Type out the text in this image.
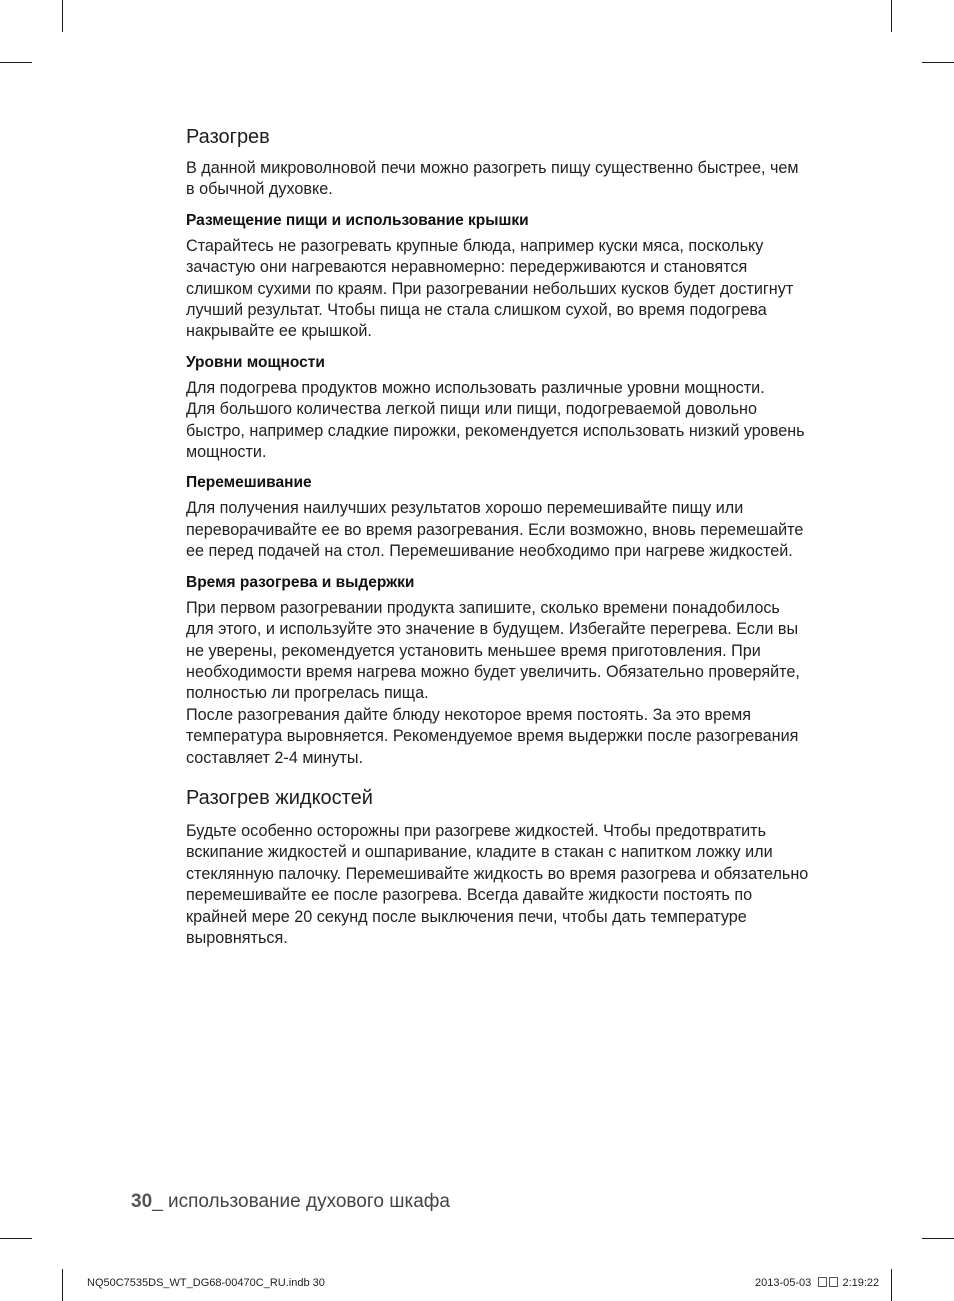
Разогрев

В данной микроволновой печи можно разогреть пищу существенно быстрее, чем в обычной духовке.

Размещение пищи и использование крышки

Старайтесь не разогревать крупные блюда, например куски мяса, поскольку зачастую они нагреваются неравномерно: передерживаются и становятся слишком сухими по краям. При разогревании небольших кусков будет достигнут лучший результат. Чтобы пища не стала слишком сухой, во время подогрева накрывайте ее крышкой.

Уровни мощности

Для подогрева продуктов можно использовать различные уровни мощности.

Для большого количества легкой пищи или пищи, подогреваемой довольно быстро, например сладкие пирожки, рекомендуется использовать низкий уровень мощности.

Перемешивание

Для получения наилучших результатов хорошо перемешивайте пищу или переворачивайте ее во время разогревания. Если возможно, вновь перемешайте ее перед подачей на стол. Перемешивание необходимо при нагреве жидкостей.

Время разогрева и выдержки

При первом разогревании продукта запишите, сколько времени понадобилось для этого, и используйте это значение в будущем. Избегайте перегрева. Если вы не уверены, рекомендуется установить меньшее время приготовления. При необходимости время нагрева можно будет увеличить. Обязательно проверяйте, полностью ли прогрелась пища.

После разогревания дайте блюду некоторое время постоять. За это время температура выровняется. Рекомендуемое время выдержки после разогревания составляет 2-4 минуты.

Разогрев жидкостей

Будьте особенно осторожны при разогреве жидкостей. Чтобы предотвратить вскипание жидкостей и ошпаривание, кладите в стакан с напитком ложку или стеклянную палочку. Перемешивайте жидкость во время разогрева и обязательно перемешивайте ее после разогрева. Всегда давайте жидкости постоять по крайней мере 20 секунд после выключения печи, чтобы дать температуре выровняться.

30_ использование духового шкафа
NQ50C7535DS_WT_DG68-00470C_RU.indb 30	2013-05-03	2:19:22
